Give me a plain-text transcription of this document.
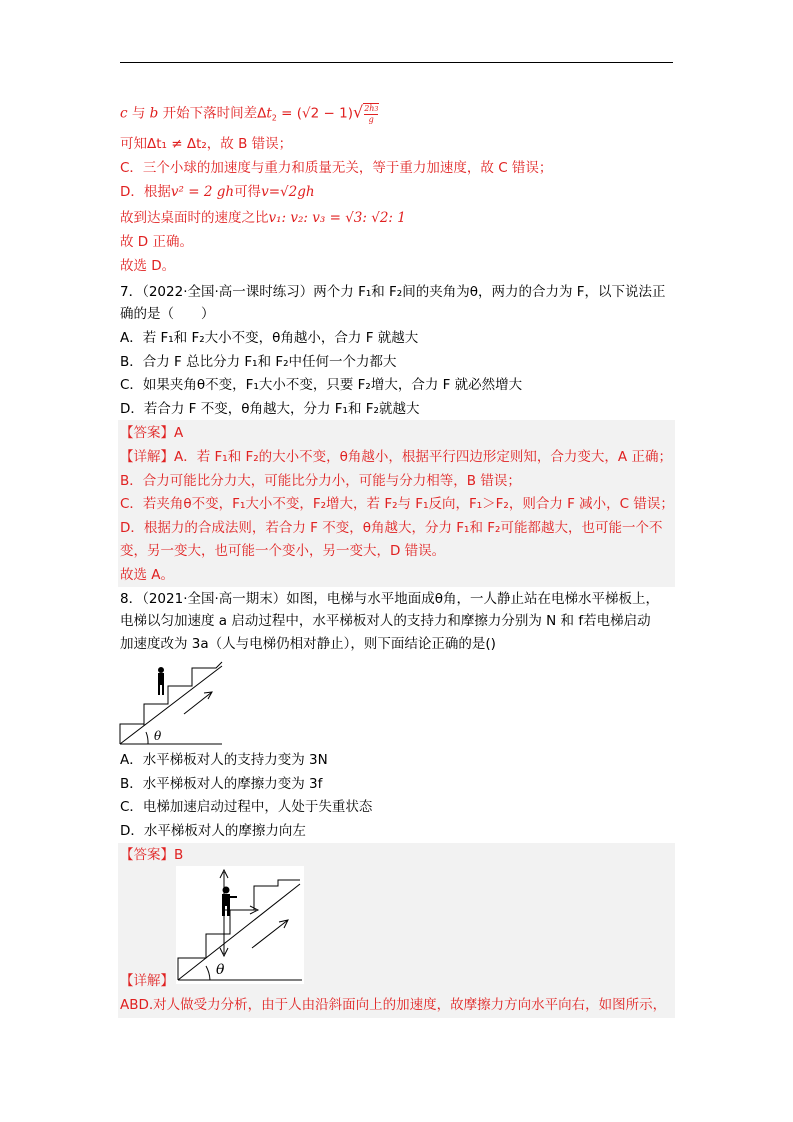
c 与 b 开始下落时间差$\Delta t_2 = (√2 - 1)√ \frac{2h3}{g}$
可知Δt₁ ≠ Δt₂，故 B 错误；
C．三个小球的加速度与重力和质量无关，等于重力加速度，故 C 错误；
D．根据v² = 2 gh可得v=√2gh
故到达桌面时的速度之比v₁: v₂: v₃ = √3: √2: 1
故 D 正确。
故选 D。
7．（2022·全国·高一课时练习）两个力 F₁和 F₂间的夹角为θ，两力的合力为 F，以下说法正
确的是（　　）
A．若 F₁和 F₂大小不变，θ角越小，合力 F 就越大
B．合力 F 总比分力 F₁和 F₂中任何一个力都大
C．如果夹角θ不变，F₁大小不变，只要 F₂增大，合力 F 就必然增大
D．若合力 F 不变，θ角越大，分力 F₁和 F₂就越大
【答案】A
【详解】A．若 F₁和 F₂的大小不变，θ角越小，根据平行四边形定则知，合力变大，A 正确；
B．合力可能比分力大，可能比分力小，可能与分力相等，B 错误；
C．若夹角θ不变，F₁大小不变，F₂增大，若 F₂与 F₁反向，F₁＞F₂，则合力 F 减小，C 错误；
D．根据力的合成法则，若合力 F 不变，θ角越大，分力 F₁和 F₂可能都越大，也可能一个不
变，另一变大，也可能一个变小，另一变大，D 错误。
故选 A。
8．（2021·全国·高一期末）如图，电梯与水平地面成θ角，一人静止站在电梯水平梯板上，
电梯以匀加速度 a 启动过程中，水平梯板对人的支持力和摩擦力分别为 N 和 f若电梯启动
加速度改为 3a（人与电梯仍相对静止），则下面结论正确的是()
θ
A．水平梯板对人的支持力变为 3N
B．水平梯板对人的摩擦力变为 3f
C．电梯加速启动过程中，人处于失重状态
D．水平梯板对人的摩擦力向左
【答案】B
θ
【详解】
ABD.对人做受力分析，由于人由沿斜面向上的加速度，故摩擦力方向水平向右，如图所示，
